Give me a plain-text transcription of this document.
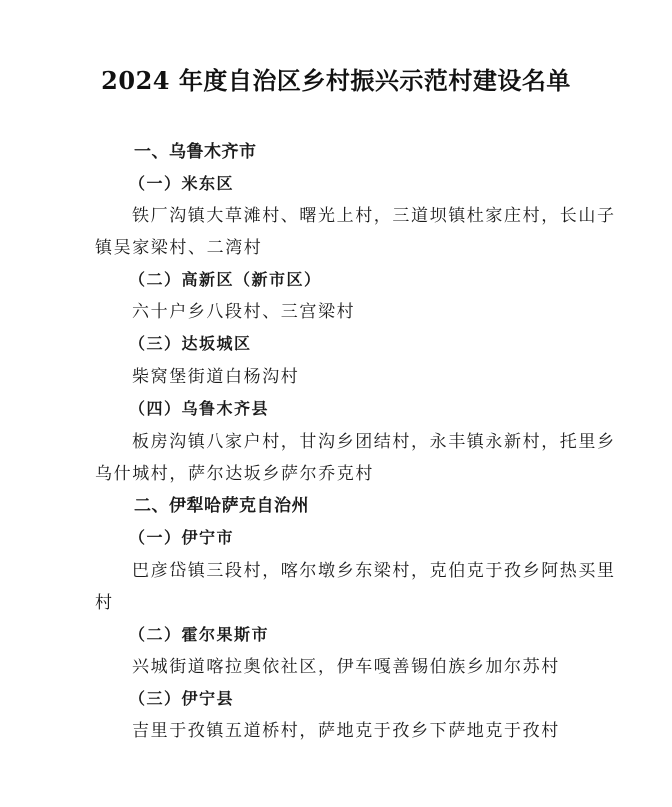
2024 年度自治区乡村振兴示范村建设名单
一、乌鲁木齐市
（一）米东区
铁厂沟镇大草滩村、曙光上村，三道坝镇杜家庄村，长山子
镇吴家梁村、二湾村
（二）高新区（新市区）
六十户乡八段村、三宫梁村
（三）达坂城区
柴窝堡街道白杨沟村
（四）乌鲁木齐县
板房沟镇八家户村，甘沟乡团结村，永丰镇永新村，托里乡
乌什城村，萨尔达坂乡萨尔乔克村
二、伊犁哈萨克自治州
（一）伊宁市
巴彦岱镇三段村，喀尔墩乡东梁村，克伯克于孜乡阿热买里
村
（二）霍尔果斯市
兴城街道喀拉奥依社区，伊车嘎善锡伯族乡加尔苏村
（三）伊宁县
吉里于孜镇五道桥村，萨地克于孜乡下萨地克于孜村
